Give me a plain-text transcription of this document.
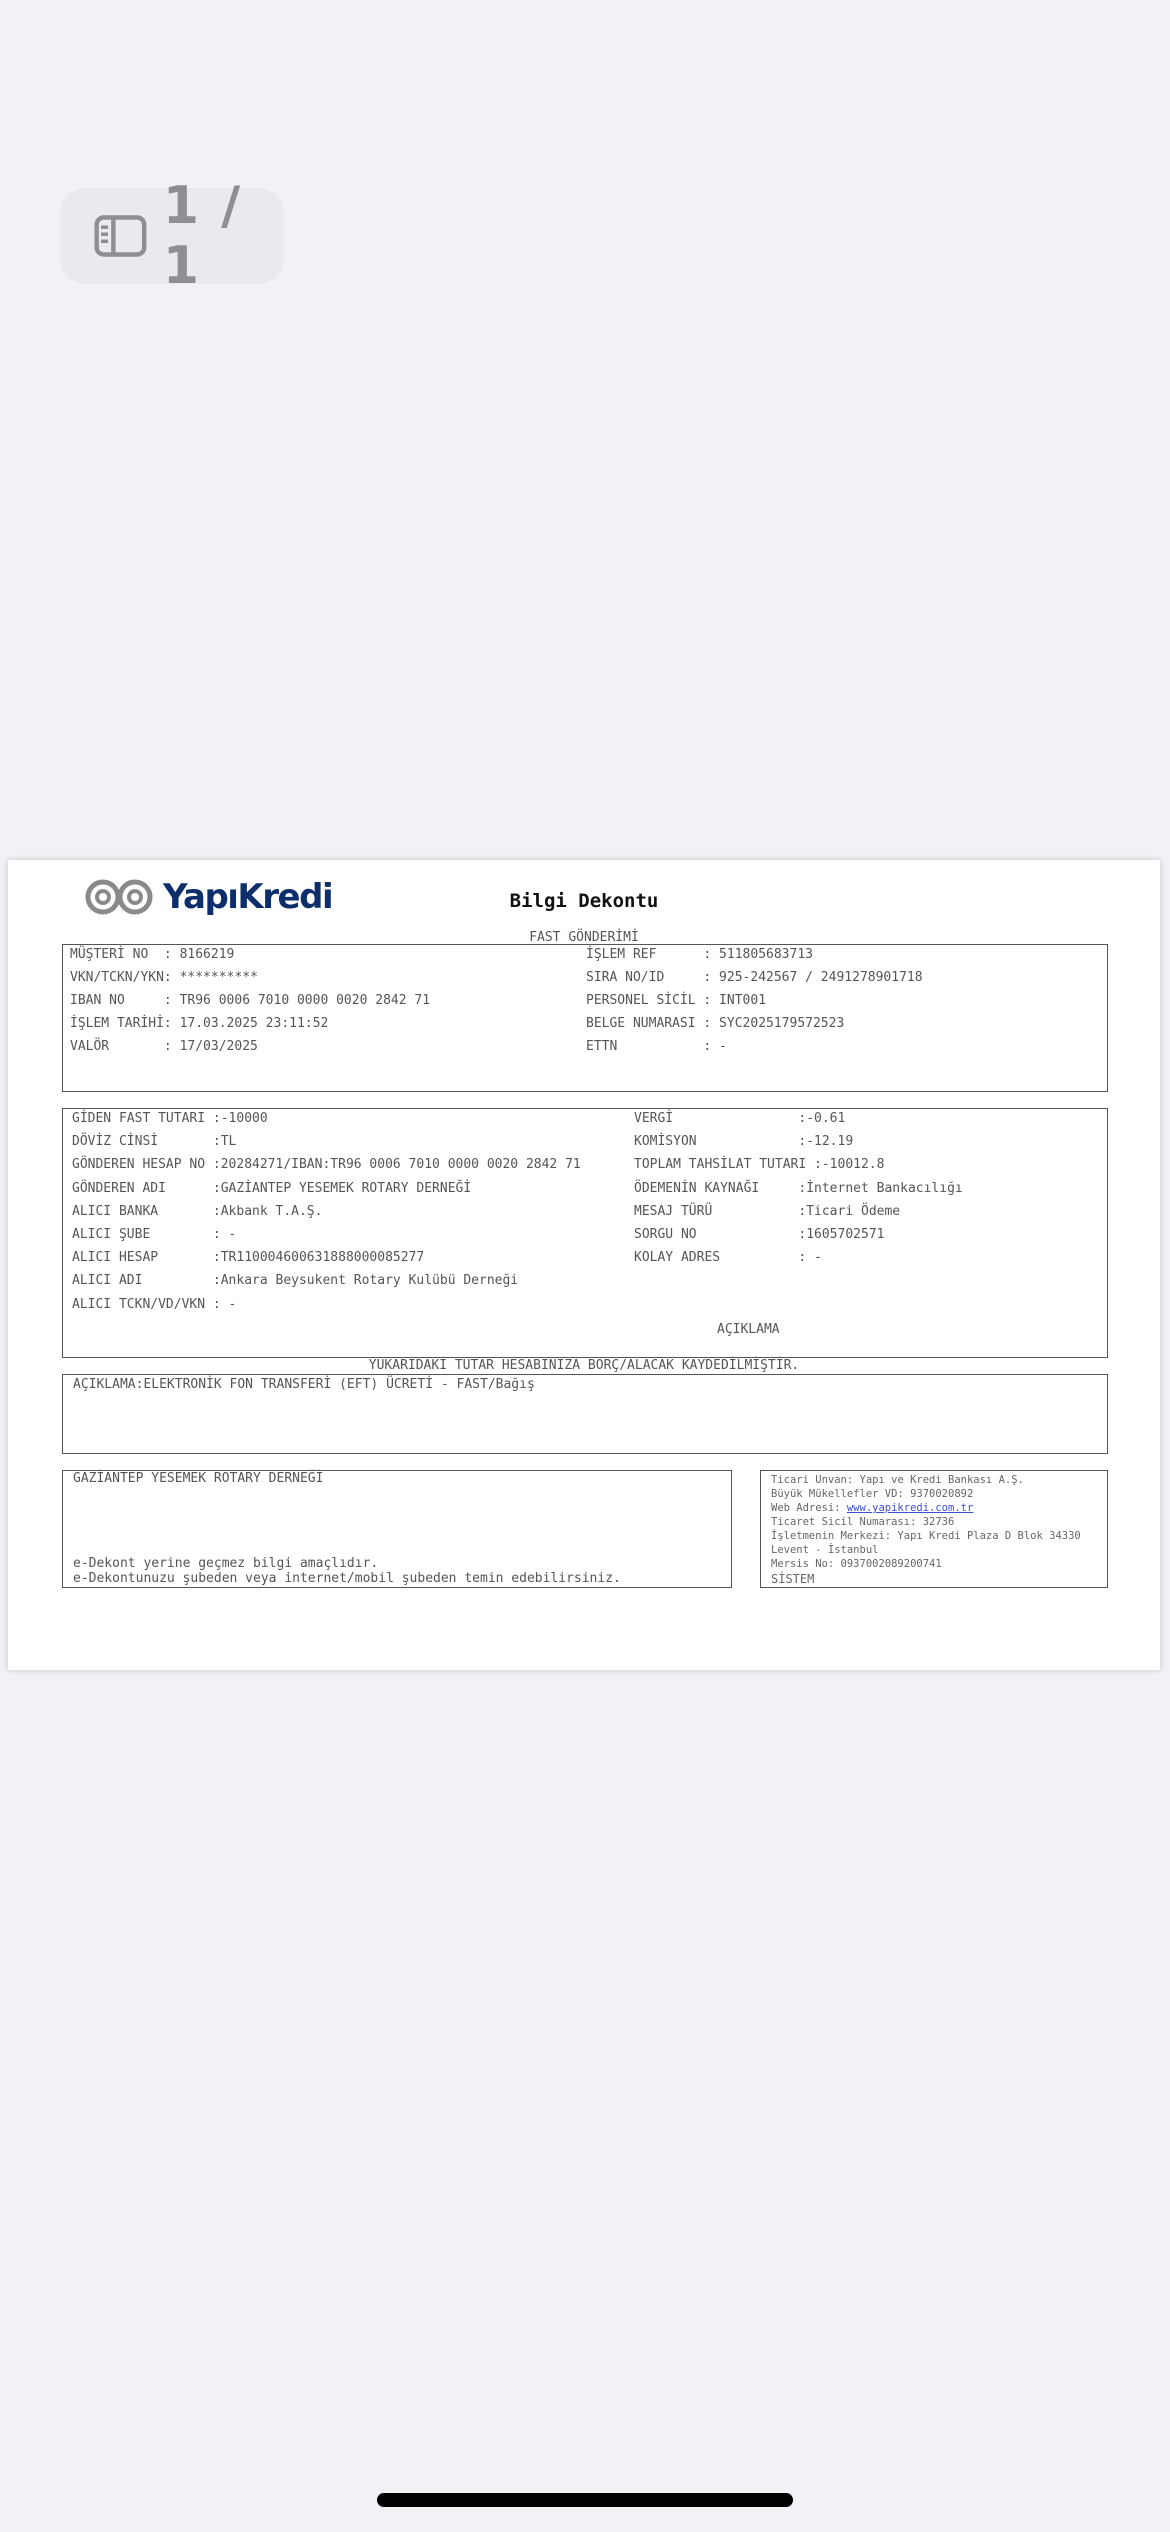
1 / 1
YapıKredi	Bilgi Dekontu
FAST GÖNDERİMİ
MÜŞTERİ NO  : 8166219
VKN/TCKN/YKN: **********
IBAN NO     : TR96 0006 7010 0000 0020 2842 71
İŞLEM TARİHİ: 17.03.2025 23:11:52
VALÖR       : 17/03/2025
İŞLEM REF      : 511805683713
SIRA NO/ID     : 925-242567 / 2491278901718
PERSONEL SİCİL : INT001
BELGE NUMARASI : SYC2025179572523
ETTN           : -
GİDEN FAST TUTARI :-10000
DÖVİZ CİNSİ       :TL
GÖNDEREN HESAP NO :20284271/IBAN:TR96 0006 7010 0000 0020 2842 71
GÖNDEREN ADI      :GAZİANTEP YESEMEK ROTARY DERNEĞİ
ALICI BANKA       :Akbank T.A.Ş.
ALICI ŞUBE        : -
ALICI HESAP       :TR110004600631888000085277
ALICI ADI         :Ankara Beysukent Rotary Kulübü Derneği
ALICI TCKN/VD/VKN : -
VERGİ                :-0.61
KOMİSYON             :-12.19
TOPLAM TAHSİLAT TUTARI :-10012.8
ÖDEMENİN KAYNAĞI     :İnternet Bankacılığı
MESAJ TÜRÜ           :Ticari Ödeme
SORGU NO             :1605702571
KOLAY ADRES          : -
AÇIKLAMA
YUKARIDAKİ TUTAR HESABINIZA BORÇ/ALACAK KAYDEDİLMİŞTİR.
AÇIKLAMA:ELEKTRONİK FON TRANSFERİ (EFT) ÜCRETİ - FAST/Bağış
GAZİANTEP YESEMEK ROTARY DERNEĞİ
e-Dekont yerine geçmez bilgi amaçlıdır.
e-Dekontunuzu şubeden veya internet/mobil şubeden temin edebilirsiniz.
Ticari Unvan: Yapı ve Kredi Bankası A.Ş.
Büyük Mükellefler VD: 9370020892
Web Adresi: www.yapikredi.com.tr
Ticaret Sicil Numarası: 32736
İşletmenin Merkezi: Yapı Kredi Plaza D Blok 34330
Levent - İstanbul
Mersis No: 0937002089200741
SİSTEM
